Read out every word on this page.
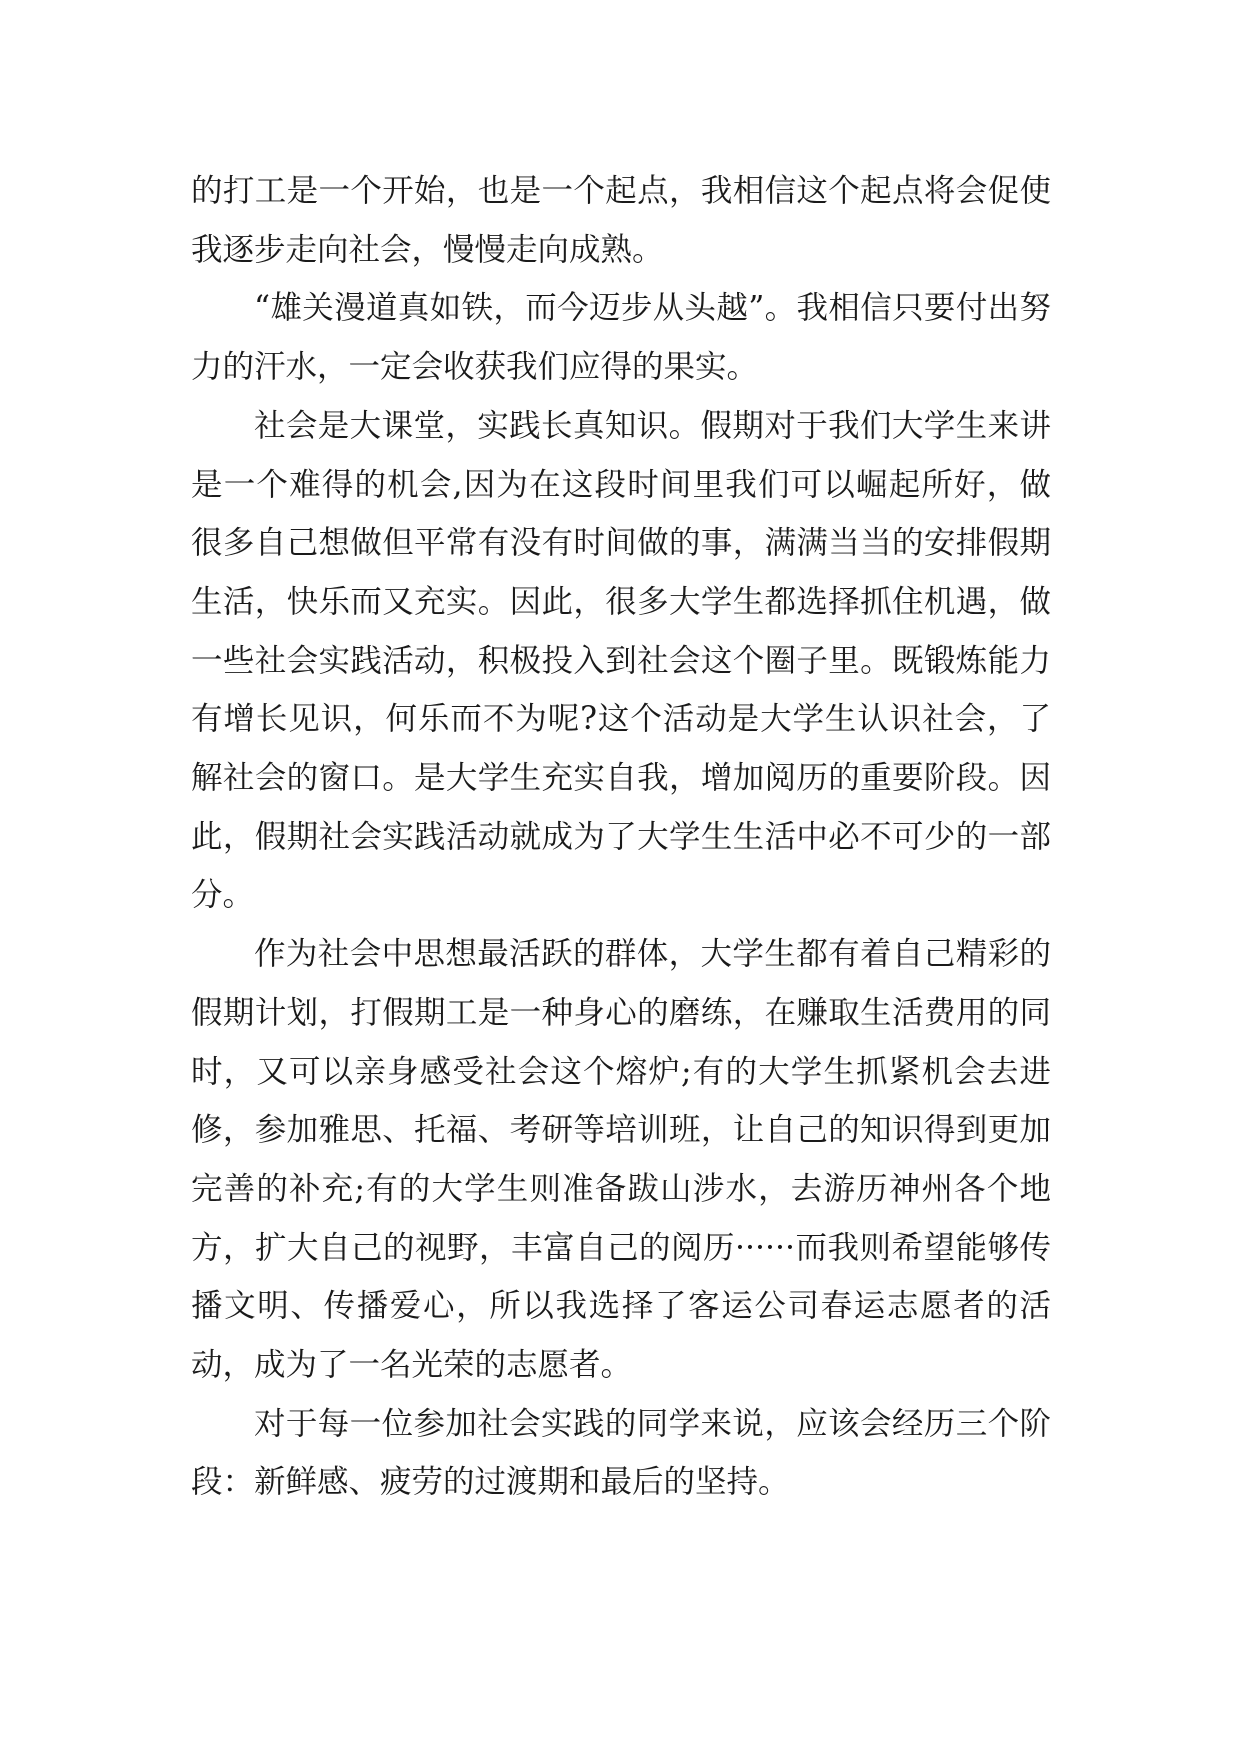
的打工是一个开始，也是一个起点，我相信这个起点将会促使我逐步走向社会，慢慢走向成熟。

“雄关漫道真如铁，而今迈步从头越”。我相信只要付出努力的汗水，一定会收获我们应得的果实。

社会是大课堂，实践长真知识。假期对于我们大学生来讲是一个难得的机会,因为在这段时间里我们可以崛起所好，做很多自己想做但平常有没有时间做的事，满满当当的安排假期生活，快乐而又充实。因此，很多大学生都选择抓住机遇，做一些社会实践活动，积极投入到社会这个圈子里。既锻炼能力有增长见识，何乐而不为呢?这个活动是大学生认识社会，了解社会的窗口。是大学生充实自我，增加阅历的重要阶段。因此，假期社会实践活动就成为了大学生生活中必不可少的一部分。

作为社会中思想最活跃的群体，大学生都有着自己精彩的假期计划，打假期工是一种身心的磨练，在赚取生活费用的同时，又可以亲身感受社会这个熔炉;有的大学生抓紧机会去进修，参加雅思、托福、考研等培训班，让自己的知识得到更加完善的补充;有的大学生则准备跋山涉水，去游历神州各个地方，扩大自己的视野，丰富自己的阅历······而我则希望能够传播文明、传播爱心，所以我选择了客运公司春运志愿者的活动，成为了一名光荣的志愿者。

对于每一位参加社会实践的同学来说，应该会经历三个阶段：新鲜感、疲劳的过渡期和最后的坚持。
